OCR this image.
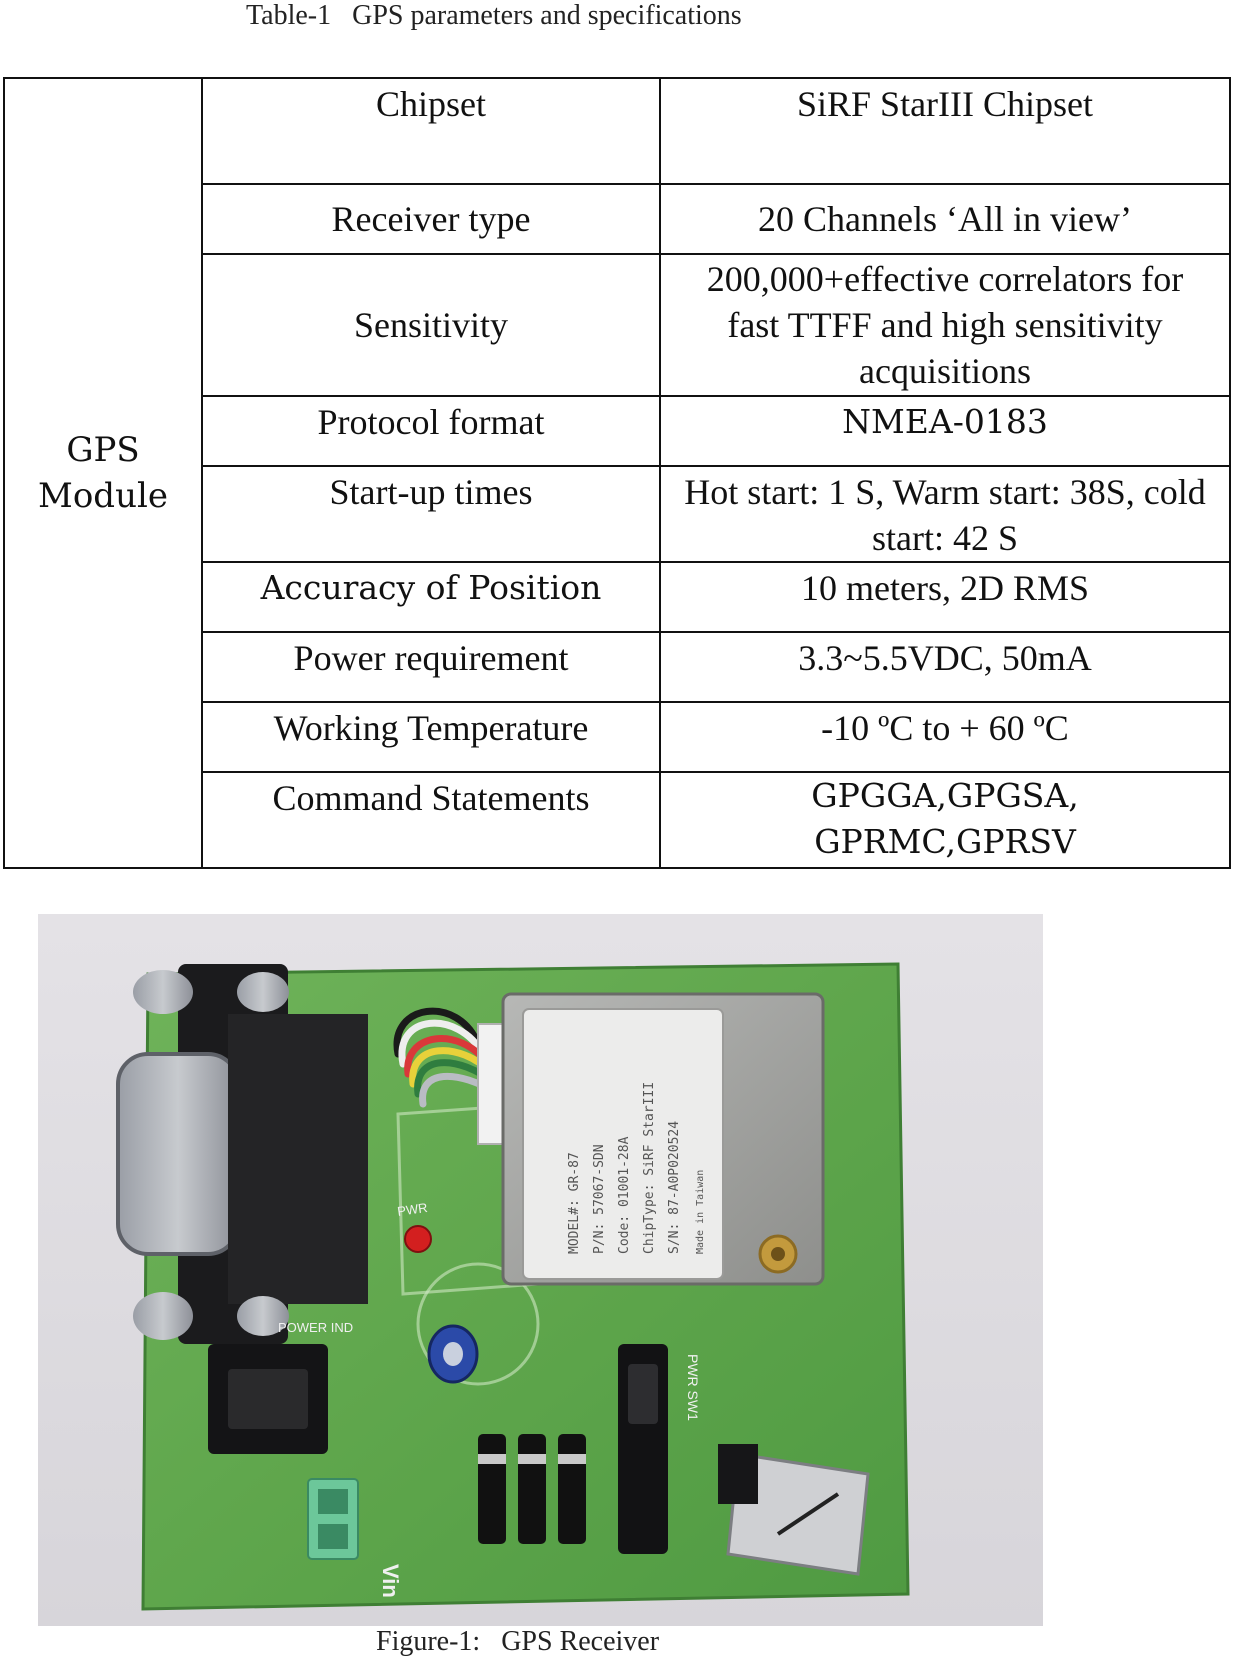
Table-1   GPS parameters and specifications
GPS
Module	Chipset	SiRF StarIII Chipset
	Receiver type	20 Channels ‘All in view’
	Sensitivity	200,000+effective correlators for fast TTFF and high sensitivity acquisitions
	Protocol format	NMEA-0183
	Start-up times	Hot start: 1 S, Warm start: 38S, cold start: 42 S
	Accuracy of Position	10 meters, 2D RMS
	Power requirement	3.3~5.5VDC, 50mA
	Working Temperature	-10 ºC to + 60 ºC
	Command Statements	GPGGA,GPGSA, GPRMC,GPRSV
MODEL#: GR-87 P/N: 57067-SDN Code: 01001-28A ChipType: SiRF StarIII S/N: 87-A0P020524 Made in Taiwan
PWR
POWER IND
Vin
PWR SW1
Figure-1:   GPS Receiver
